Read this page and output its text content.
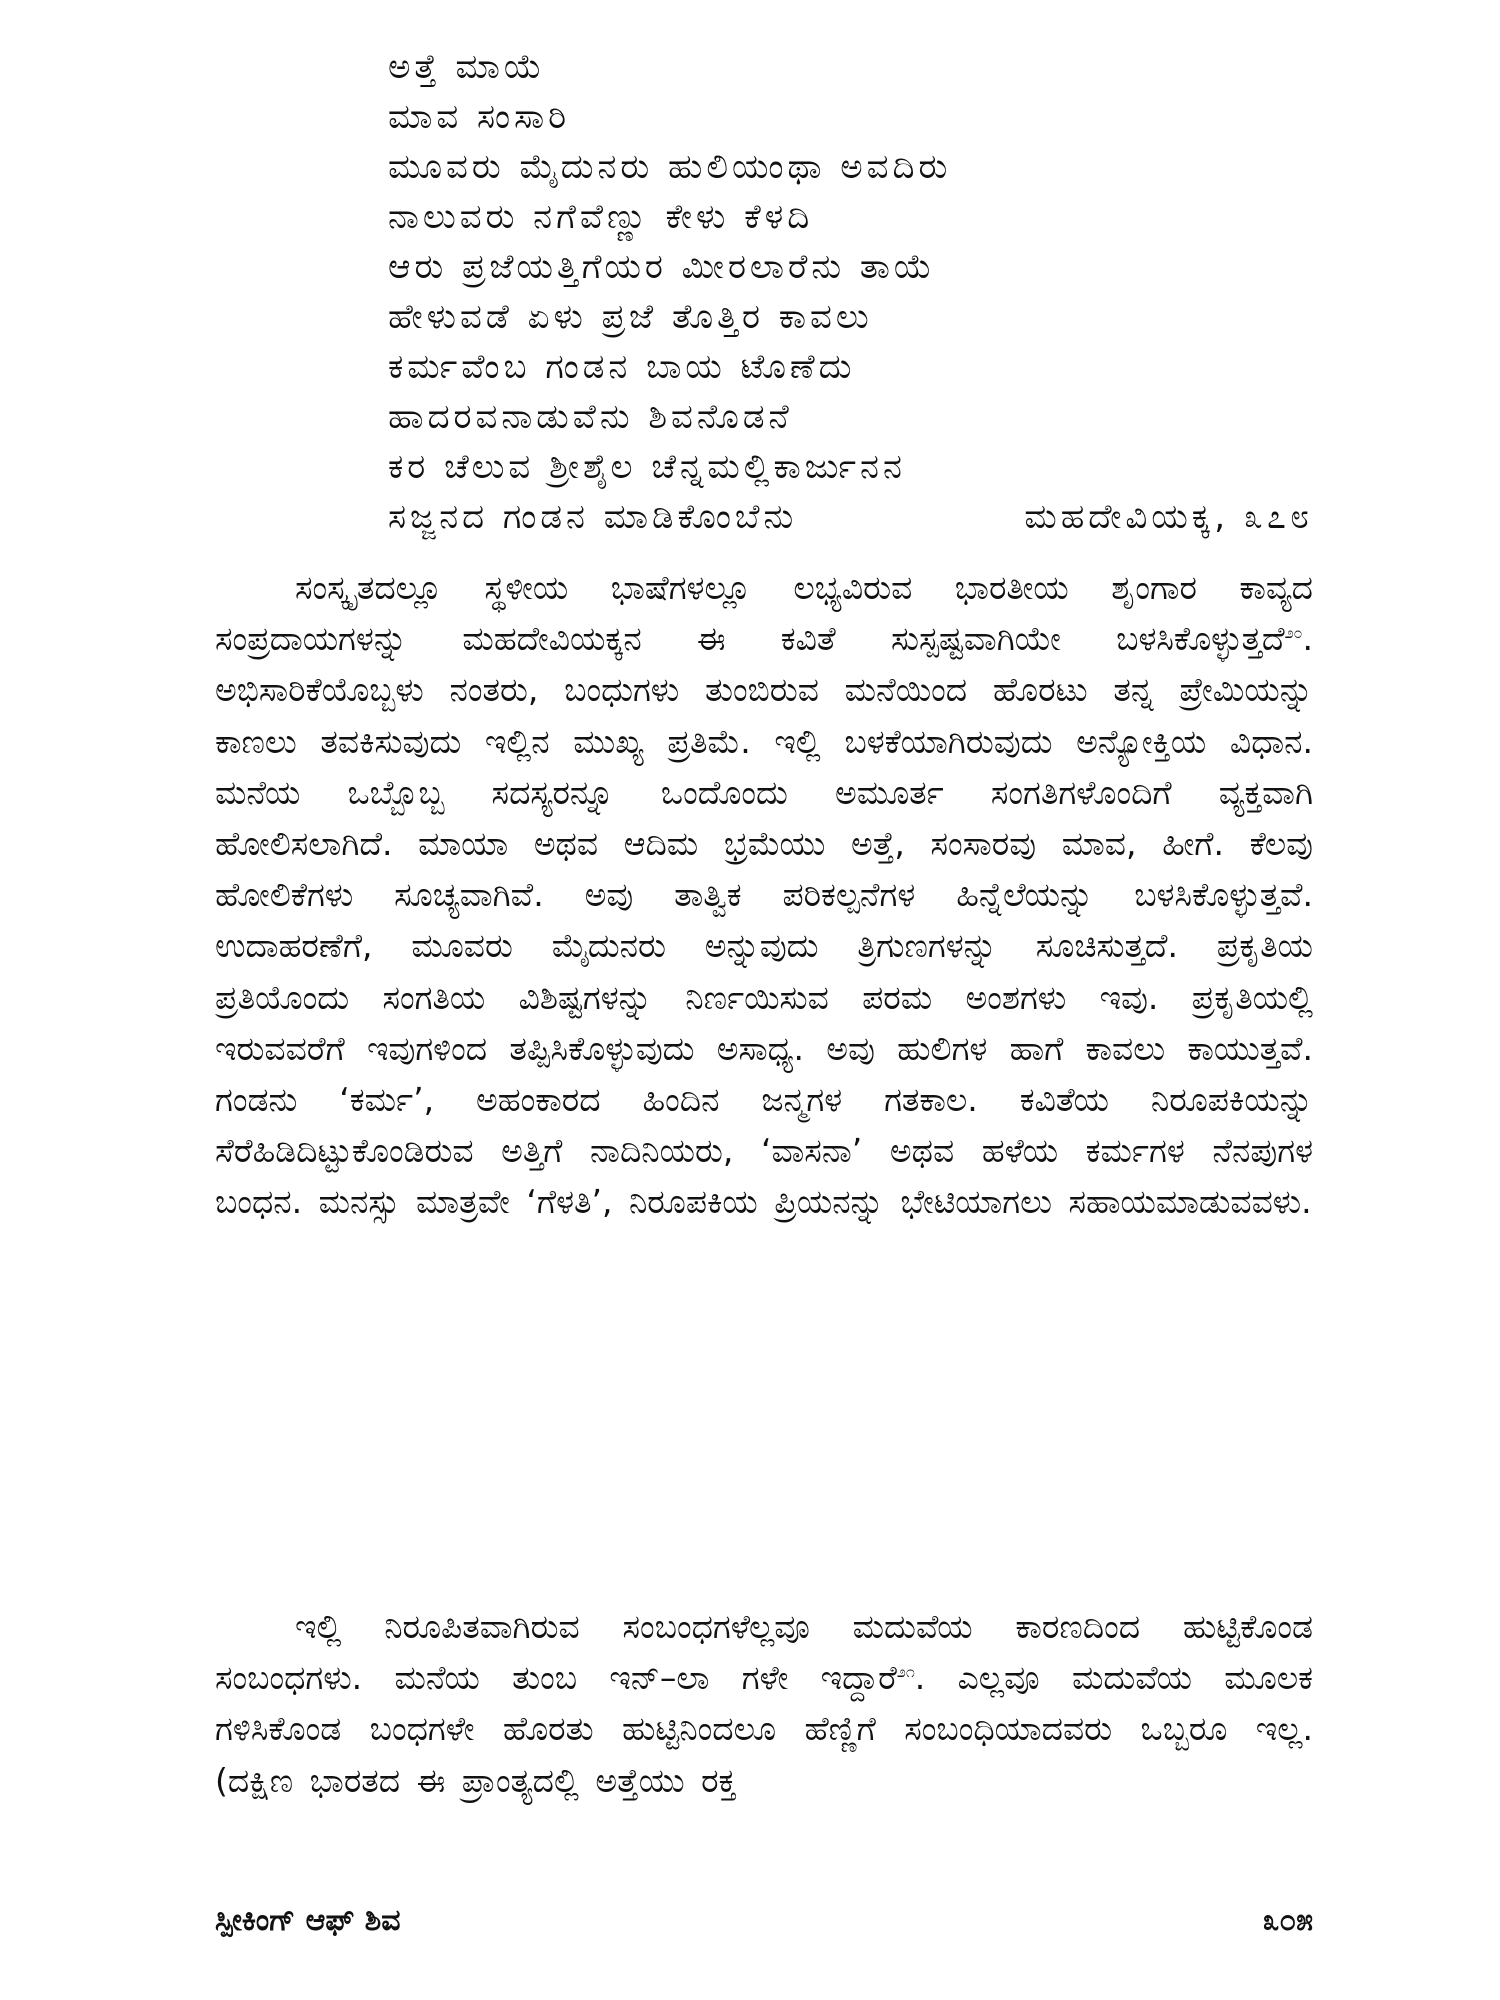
ಅತ್ತೆ ಮಾಯೆ
ಮಾವ ಸಂಸಾರಿ
ಮೂವರು ಮೈದುನರು ಹುಲಿಯಂಥಾ ಅವದಿರು
ನಾಲುವರು ನಗೆವೆಣ್ಣು ಕೇಳು ಕೆಳದಿ
ಆರು ಪ್ರಜೆಯತ್ತಿಗೆಯರ ಮೀರಲಾರೆನು ತಾಯೆ
ಹೇಳುವಡೆ ಏಳು ಪ್ರಜೆ ತೊತ್ತಿರ ಕಾವಲು
ಕರ್ಮವೆಂಬ ಗಂಡನ ಬಾಯ ಟೊಣೆದು
ಹಾದರವನಾಡುವೆನು ಶಿವನೊಡನೆ
ಕರ ಚೆಲುವ ಶ್ರೀಶೈಲ ಚೆನ್ನಮಲ್ಲಿಕಾರ್ಜುನನ
ಸಜ್ಜನದ ಗಂಡನ ಮಾಡಿಕೊಂಬೆನು	ಮಹದೇವಿಯಕ್ಕ, ೩೭೮

ಸಂಸ್ಕೃತದಲ್ಲೂ ಸ್ಥಳೀಯ ಭಾಷೆಗಳಲ್ಲೂ ಲಭ್ಯವಿರುವ ಭಾರತೀಯ ಶೃಂಗಾರ ಕಾವ್ಯದ ಸಂಪ್ರದಾಯಗಳನ್ನು ಮಹದೇವಿಯಕ್ಕನ ಈ ಕವಿತೆ ಸುಸ್ಪಷ್ಟವಾಗಿಯೇ ಬಳಸಿಕೊಳ್ಳುತ್ತದೆ$^{೨೦}$. ಅಭಿಸಾರಿಕೆಯೊಬ್ಬಳು ನಂತರು, ಬಂಧುಗಳು ತುಂಬಿರುವ ಮನೆಯಿಂದ ಹೊರಟು ತನ್ನ ಪ್ರೇಮಿಯನ್ನು ಕಾಣಲು ತವಕಿಸುವುದು ಇಲ್ಲಿನ ಮುಖ್ಯ ಪ್ರತಿಮೆ. ಇಲ್ಲಿ ಬಳಕೆಯಾಗಿರುವುದು ಅನ್ಯೋಕ್ತಿಯ ವಿಧಾನ. ಮನೆಯ ಒಬ್ಬೊಬ್ಬ ಸದಸ್ಯರನ್ನೂ ಒಂದೊಂದು ಅಮೂರ್ತ ಸಂಗತಿಗಳೊಂದಿಗೆ ವ್ಯಕ್ತವಾಗಿ ಹೋಲಿಸಲಾಗಿದೆ. ಮಾಯಾ ಅಥವ ಆದಿಮ ಭ್ರಮೆಯು ಅತ್ತೆ, ಸಂಸಾರವು ಮಾವ, ಹೀಗೆ. ಕೆಲವು ಹೋಲಿಕೆಗಳು ಸೂಚ್ಯವಾಗಿವೆ. ಅವು ತಾತ್ವಿಕ ಪರಿಕಲ್ಪನೆಗಳ ಹಿನ್ನೆಲೆಯನ್ನು ಬಳಸಿಕೊಳ್ಳುತ್ತವೆ. ಉದಾಹರಣೆಗೆ, ಮೂವರು ಮೈದುನರು ಅನ್ನುವುದು ತ್ರಿಗುಣಗಳನ್ನು ಸೂಚಿಸುತ್ತದೆ. ಪ್ರಕೃತಿಯ ಪ್ರತಿಯೊಂದು ಸಂಗತಿಯ ವಿಶಿಷ್ಟಗಳನ್ನು ನಿರ್ಣಯಿಸುವ ಪರಮ ಅಂಶಗಳು ಇವು. ಪ್ರಕೃತಿಯಲ್ಲಿ ಇರುವವರೆಗೆ ಇವುಗಳಿಂದ ತಪ್ಪಿಸಿಕೊಳ್ಳುವುದು ಅಸಾಧ್ಯ. ಅವು ಹುಲಿಗಳ ಹಾಗೆ ಕಾವಲು ಕಾಯುತ್ತವೆ. ಗಂಡನು ‘ಕರ್ಮ’, ಅಹಂಕಾರದ ಹಿಂದಿನ ಜನ್ಮಗಳ ಗತಕಾಲ. ಕವಿತೆಯ ನಿರೂಪಕಿಯನ್ನು ಸೆರೆಹಿಡಿದಿಟ್ಟುಕೊಂಡಿರುವ ಅತ್ತಿಗೆ ನಾದಿನಿಯರು, ‘ವಾಸನಾ’ ಅಥವ ಹಳೆಯ ಕರ್ಮಗಳ ನೆನಪುಗಳ ಬಂಧನ. ಮನಸ್ಸು ಮಾತ್ರವೇ ‘ಗೆಳತಿ’, ನಿರೂಪಕಿಯ ಪ್ರಿಯನನ್ನು ಭೇಟಿಯಾಗಲು ಸಹಾಯಮಾಡುವವಳು.

ಇಲ್ಲಿ ನಿರೂಪಿತವಾಗಿರುವ ಸಂಬಂಧಗಳೆಲ್ಲವೂ ಮದುವೆಯ ಕಾರಣದಿಂದ ಹುಟ್ಟಿಕೊಂಡ ಸಂಬಂಧಗಳು. ಮನೆಯ ತುಂಬ ಇನ್–ಲಾ ಗಳೇ ಇದ್ದಾರೆ$^{೨೧}$. ಎಲ್ಲವೂ ಮದುವೆಯ ಮೂಲಕ ಗಳಿಸಿಕೊಂಡ ಬಂಧಗಳೇ ಹೊರತು ಹುಟ್ಟಿನಿಂದಲೂ ಹೆಣ್ಣಿಗೆ ಸಂಬಂಧಿಯಾದವರು ಒಬ್ಬರೂ ಇಲ್ಲ. (ದಕ್ಷಿಣ ಭಾರತದ ಈ ಪ್ರಾಂತ್ಯದಲ್ಲಿ ಅತ್ತೆಯು ರಕ್ತ

ಸ್ಪೀಕಿಂಗ್ ಆಫ್ ಶಿವ	೩೦೫
